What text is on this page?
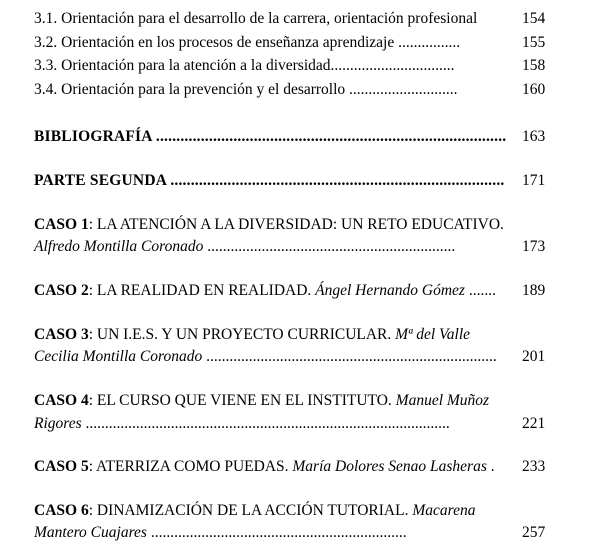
3.1. Orientación para el desarrollo de la carrera, orientación profesional	154
3.2. Orientación en los procesos de enseñanza aprendizaje ................	155
3.3. Orientación para la atención a la diversidad................................	158
3.4. Orientación para la prevención y el desarrollo ............................	160
BIBLIOGRAFÍA ......................................................................................	163
PARTE SEGUNDA ..................................................................................	171
CASO 1: LA ATENCIÓN A LA DIVERSIDAD: UN RETO EDUCATIVO.
Alfredo Montilla Coronado ................................................................	173
CASO 2: LA REALIDAD EN REALIDAD. Ángel Hernando Gómez .......	189
CASO 3: UN I.E.S. Y UN PROYECTO CURRICULAR. Mª del Valle Cecilia Montilla Coronado ...........................................................................	201
CASO 4: EL CURSO QUE VIENE EN EL INSTITUTO. Manuel Muñoz Rigores ..............................................................................................	221
CASO 5: ATERRIZA COMO PUEDAS. María Dolores Senao Lasheras .	233
CASO 6: DINAMIZACIÓN DE LA ACCIÓN TUTORIAL. Macarena Mantero Cuajares ..................................................................	257
